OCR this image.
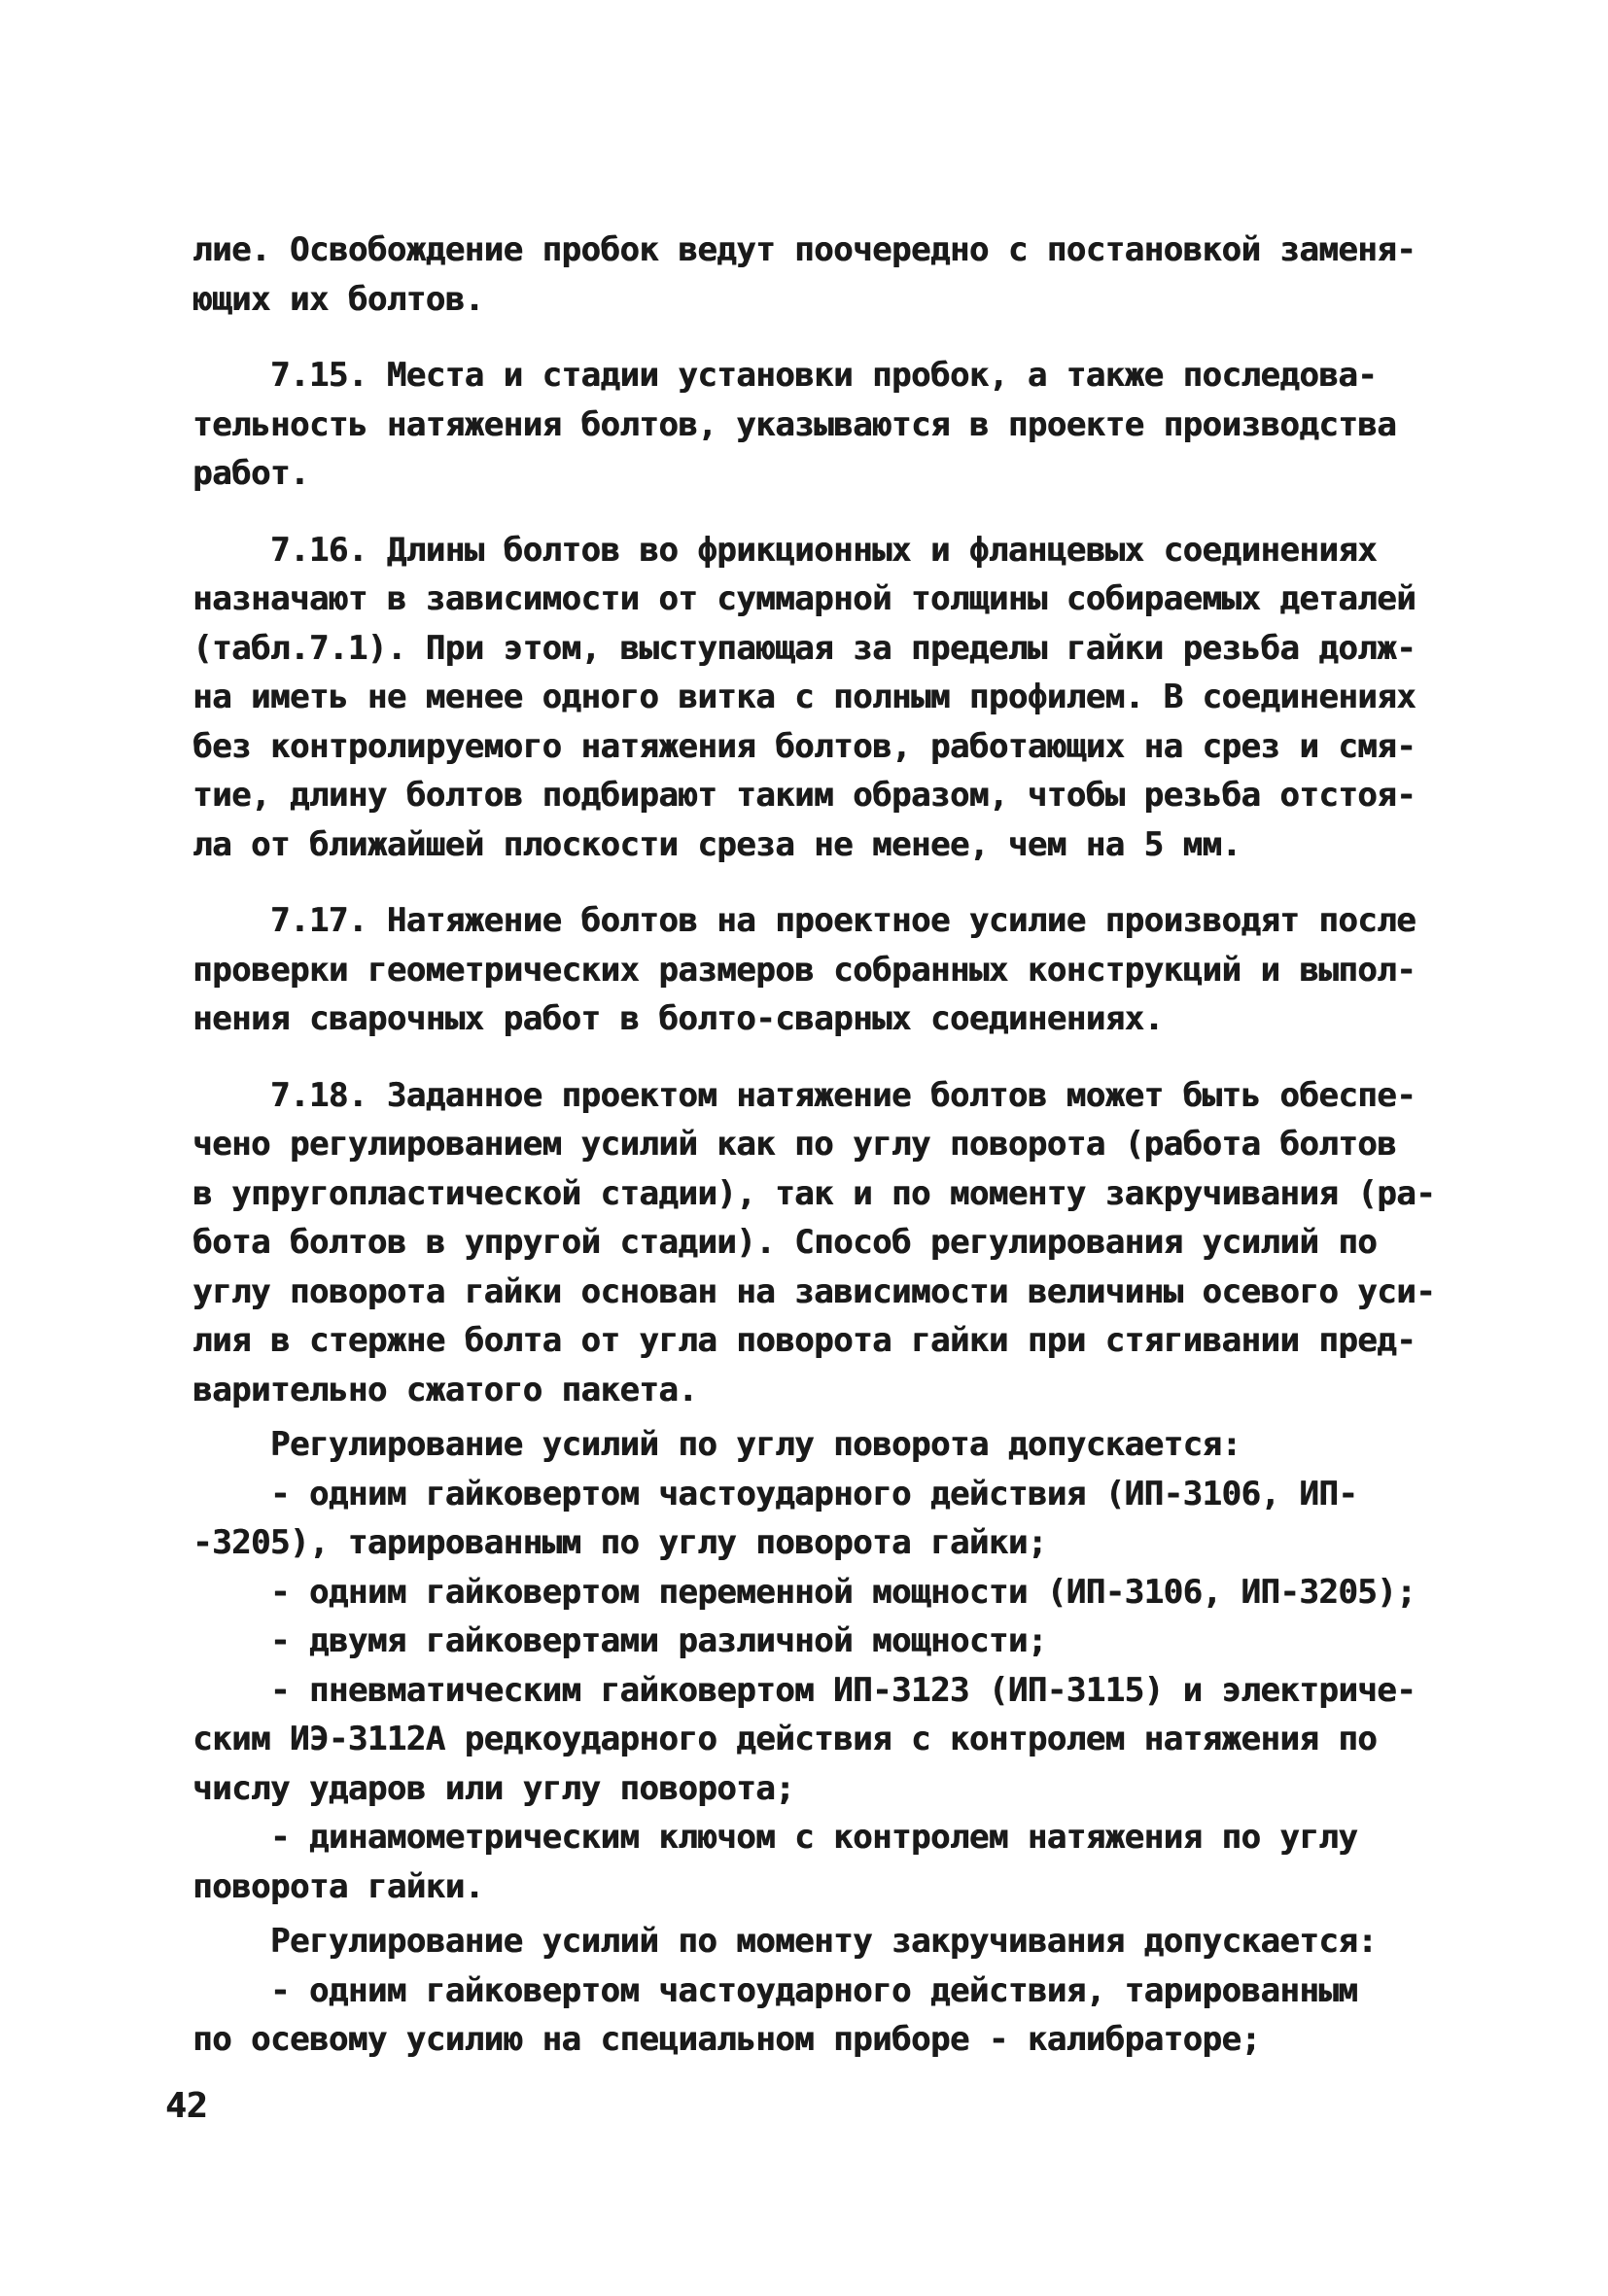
лие. Освобождение пробок ведут поочередно с постановкой заменя-
ющих их болтов.
7.15. Места и стадии установки пробок, а также последова-
тельность натяжения болтов, указываются в проекте производства
работ.
7.16. Длины болтов во фрикционных и фланцевых соединениях
назначают в зависимости от суммарной толщины собираемых деталей
(табл.7.1). При этом, выступающая за пределы гайки резьба долж-
на иметь не менее одного витка с полным профилем. В соединениях
без контролируемого натяжения болтов, работающих на срез и смя-
тие, длину болтов подбирают таким образом, чтобы резьба отстоя-
ла от ближайшей плоскости среза не менее, чем на 5 мм.
7.17. Натяжение болтов на проектное усилие производят после
проверки геометрических размеров собранных конструкций и выпол-
нения сварочных работ в болто-сварных соединениях.
7.18. Заданное проектом натяжение болтов может быть обеспе-
чено регулированием усилий как по углу поворота (работа болтов
в упругопластической стадии), так и по моменту закручивания (ра-
бота болтов в упругой стадии). Способ регулирования усилий по
углу поворота гайки основан на зависимости величины осевого уси-
лия в стержне болта от угла поворота гайки при стягивании пред-
варительно сжатого пакета.
Регулирование усилий по углу поворота допускается:
- одним гайковертом частоударного действия (ИП-3106, ИП-
-3205), тарированным по углу поворота гайки;
- одним гайковертом переменной мощности (ИП-3106, ИП-3205);
- двумя гайковертами различной мощности;
- пневматическим гайковертом ИП-3123 (ИП-3115) и электриче-
ским ИЭ-3112А редкоударного действия с контролем натяжения по
числу ударов или углу поворота;
- динамометрическим ключом с контролем натяжения по углу
поворота гайки.
Регулирование усилий по моменту закручивания допускается:
- одним гайковертом частоударного действия, тарированным
по осевому усилию на специальном приборе - калибраторе;
42
